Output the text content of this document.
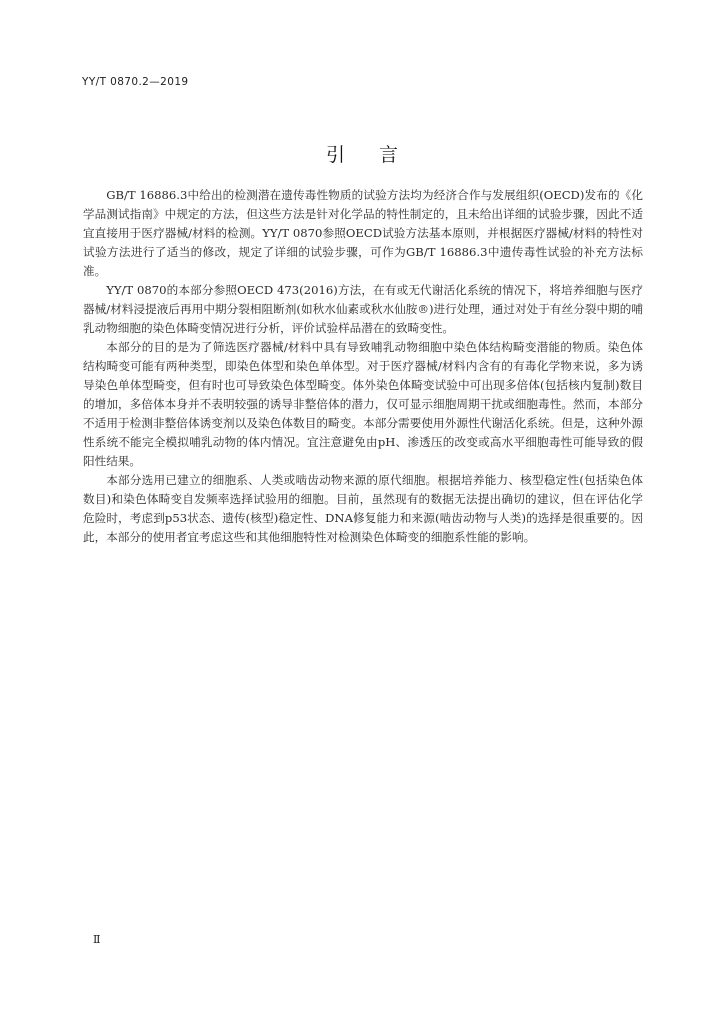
YY/T 0870.2—2019
引言

GB/T 16886.3中给出的检测潜在遗传毒性物质的试验方法均为经济合作与发展组织(OECD)发布的《化学品测试指南》中规定的方法，但这些方法是针对化学品的特性制定的，且未给出详细的试验步骤，因此不适宜直接用于医疗器械/材料的检测。YY/T 0870参照OECD试验方法基本原则，并根据医疗器械/材料的特性对试验方法进行了适当的修改，规定了详细的试验步骤，可作为GB/T 16886.3中遗传毒性试验的补充方法标准。

YY/T 0870的本部分参照OECD 473(2016)方法，在有或无代谢活化系统的情况下，将培养细胞与医疗器械/材料浸提液后再用中期分裂相阻断剂(如秋水仙素或秋水仙胺®)进行处理，通过对处于有丝分裂中期的哺乳动物细胞的染色体畸变情况进行分析，评价试验样品潜在的致畸变性。

本部分的目的是为了筛选医疗器械/材料中具有导致哺乳动物细胞中染色体结构畸变潜能的物质。染色体结构畸变可能有两种类型，即染色体型和染色单体型。对于医疗器械/材料内含有的有毒化学物来说，多为诱导染色单体型畸变，但有时也可导致染色体型畸变。体外染色体畸变试验中可出现多倍体(包括核内复制)数目的增加，多倍体本身并不表明较强的诱导非整倍体的潜力，仅可显示细胞周期干扰或细胞毒性。然而，本部分不适用于检测非整倍体诱变剂以及染色体数目的畸变。本部分需要使用外源性代谢活化系统。但是，这种外源性系统不能完全模拟哺乳动物的体内情况。宜注意避免由pH、渗透压的改变或高水平细胞毒性可能导致的假阳性结果。

本部分选用已建立的细胞系、人类或啮齿动物来源的原代细胞。根据培养能力、核型稳定性(包括染色体数目)和染色体畸变自发频率选择试验用的细胞。目前，虽然现有的数据无法提出确切的建议，但在评估化学危险时，考虑到p53状态、遗传(核型)稳定性、DNA修复能力和来源(啮齿动物与人类)的选择是很重要的。因此，本部分的使用者宜考虑这些和其他细胞特性对检测染色体畸变的细胞系性能的影响。

Ⅱ
